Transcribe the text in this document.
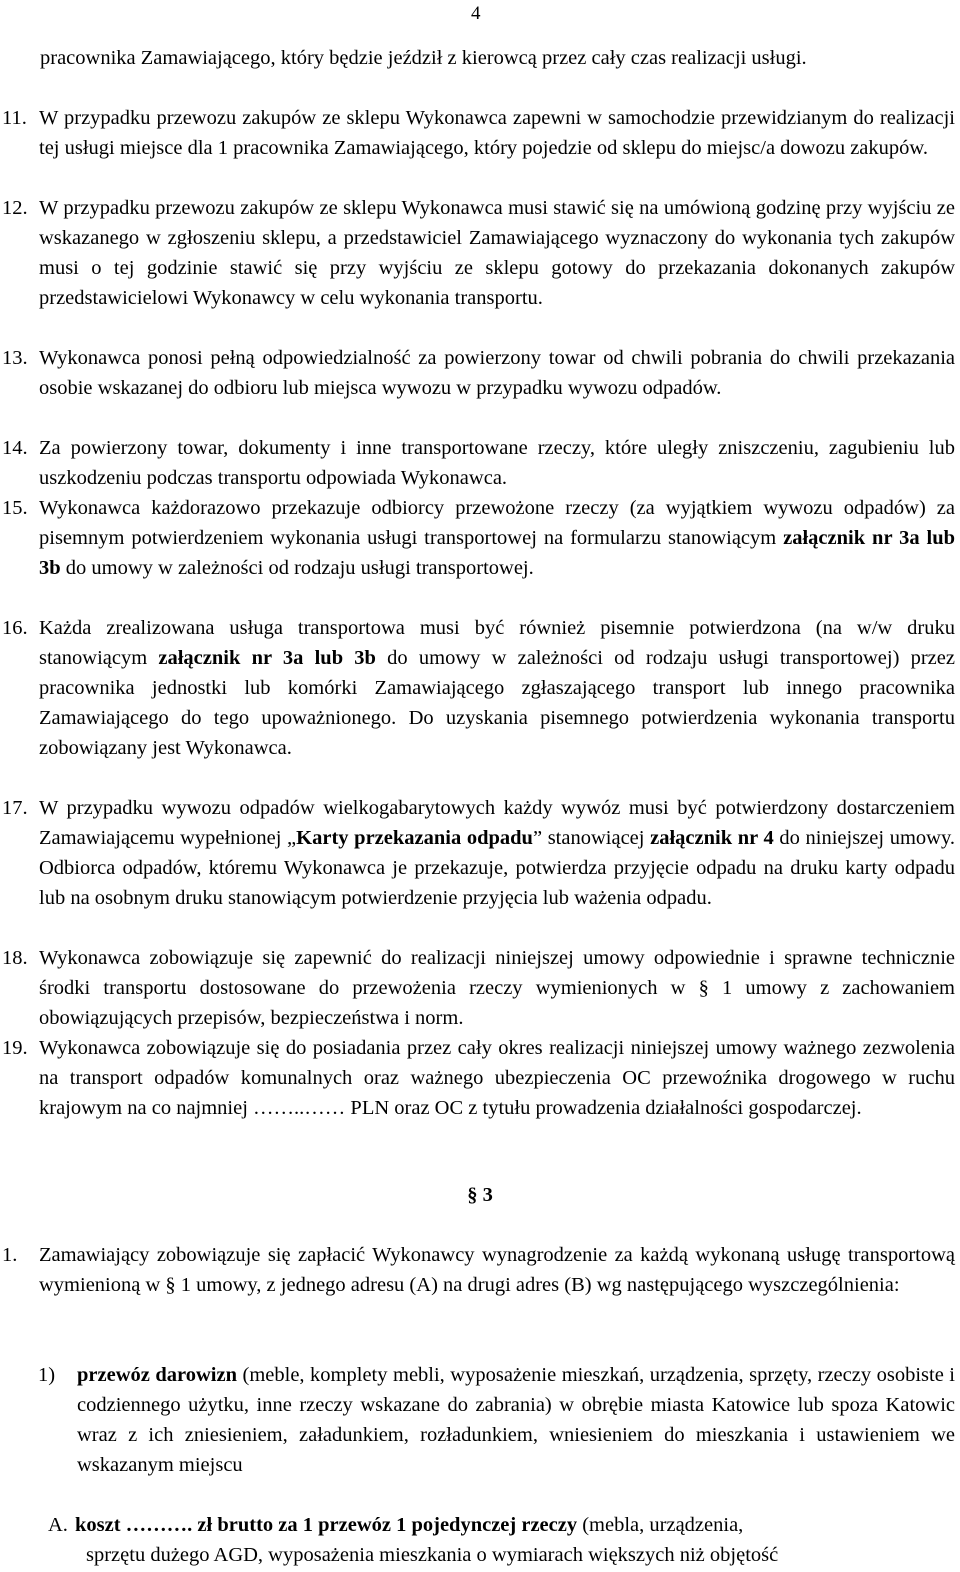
4
pracownika Zamawiającego, który będzie jeździł z kierowcą przez cały czas realizacji usługi.
11. W przypadku przewozu zakupów ze sklepu Wykonawca zapewni w samochodzie przewidzianym do realizacji tej usługi miejsce dla 1 pracownika Zamawiającego, który pojedzie od sklepu do miejsc/a dowozu zakupów.
12. W przypadku przewozu zakupów ze sklepu Wykonawca musi stawić się na umówioną godzinę przy wyjściu ze wskazanego w zgłoszeniu sklepu, a przedstawiciel Zamawiającego wyznaczony do wykonania tych zakupów musi o tej godzinie stawić się przy wyjściu ze sklepu gotowy do przekazania dokonanych zakupów przedstawicielowi Wykonawcy w celu wykonania transportu.
13. Wykonawca ponosi pełną odpowiedzialność za powierzony towar od chwili pobrania do chwili przekazania osobie wskazanej do odbioru lub miejsca wywozu w przypadku wywozu odpadów.
14. Za powierzony towar, dokumenty i inne transportowane rzeczy, które uległy zniszczeniu, zagubieniu lub uszkodzeniu podczas transportu odpowiada Wykonawca.
15. Wykonawca każdorazowo przekazuje odbiorcy przewożone rzeczy (za wyjątkiem wywozu odpadów) za pisemnym potwierdzeniem wykonania usługi transportowej na formularzu stanowiącym załącznik nr 3a lub 3b do umowy w zależności od rodzaju usługi transportowej.
16. Każda zrealizowana usługa transportowa musi być również pisemnie potwierdzona (na w/w druku stanowiącym załącznik nr 3a lub 3b do umowy w zależności od rodzaju usługi transportowej) przez pracownika jednostki lub komórki Zamawiającego zgłaszającego transport lub innego pracownika Zamawiającego do tego upoważnionego. Do uzyskania pisemnego potwierdzenia wykonania transportu zobowiązany jest Wykonawca.
17. W przypadku wywozu odpadów wielkogabarytowych każdy wywóz musi być potwierdzony dostarczeniem Zamawiającemu wypełnionej „Karty przekazania odpadu” stanowiącej załącznik nr 4 do niniejszej umowy. Odbiorca odpadów, któremu Wykonawca je przekazuje, potwierdza przyjęcie odpadu na druku karty odpadu lub na osobnym druku stanowiącym potwierdzenie przyjęcia lub ważenia odpadu.
18. Wykonawca zobowiązuje się zapewnić do realizacji niniejszej umowy odpowiednie i sprawne technicznie środki transportu dostosowane do przewożenia rzeczy wymienionych w § 1 umowy z zachowaniem obowiązujących przepisów, bezpieczeństwa i norm.
19. Wykonawca zobowiązuje się do posiadania przez cały okres realizacji niniejszej umowy ważnego zezwolenia na transport odpadów komunalnych oraz ważnego ubezpieczenia OC przewoźnika drogowego w ruchu krajowym na co najmniej ……..…… PLN oraz OC z tytułu prowadzenia działalności gospodarczej.
§ 3
1. Zamawiający zobowiązuje się zapłacić Wykonawcy wynagrodzenie za każdą wykonaną usługę transportową wymienioną w § 1 umowy, z jednego adresu (A) na drugi adres (B) wg następującego wyszczególnienia:
1) przewóz darowizn (meble, komplety mebli, wyposażenie mieszkań, urządzenia, sprzęty, rzeczy osobiste i codziennego użytku, inne rzeczy wskazane do zabrania) w obrębie miasta Katowice lub spoza Katowic wraz z ich zniesieniem, załadunkiem, rozładunkiem, wniesieniem do mieszkania i ustawieniem we wskazanym miejscu
A. koszt ………. zł brutto za 1 przewóz 1 pojedynczej rzeczy (mebla, urządzenia,
sprzętu dużego AGD, wyposażenia mieszkania o wymiarach większych niż objętość
